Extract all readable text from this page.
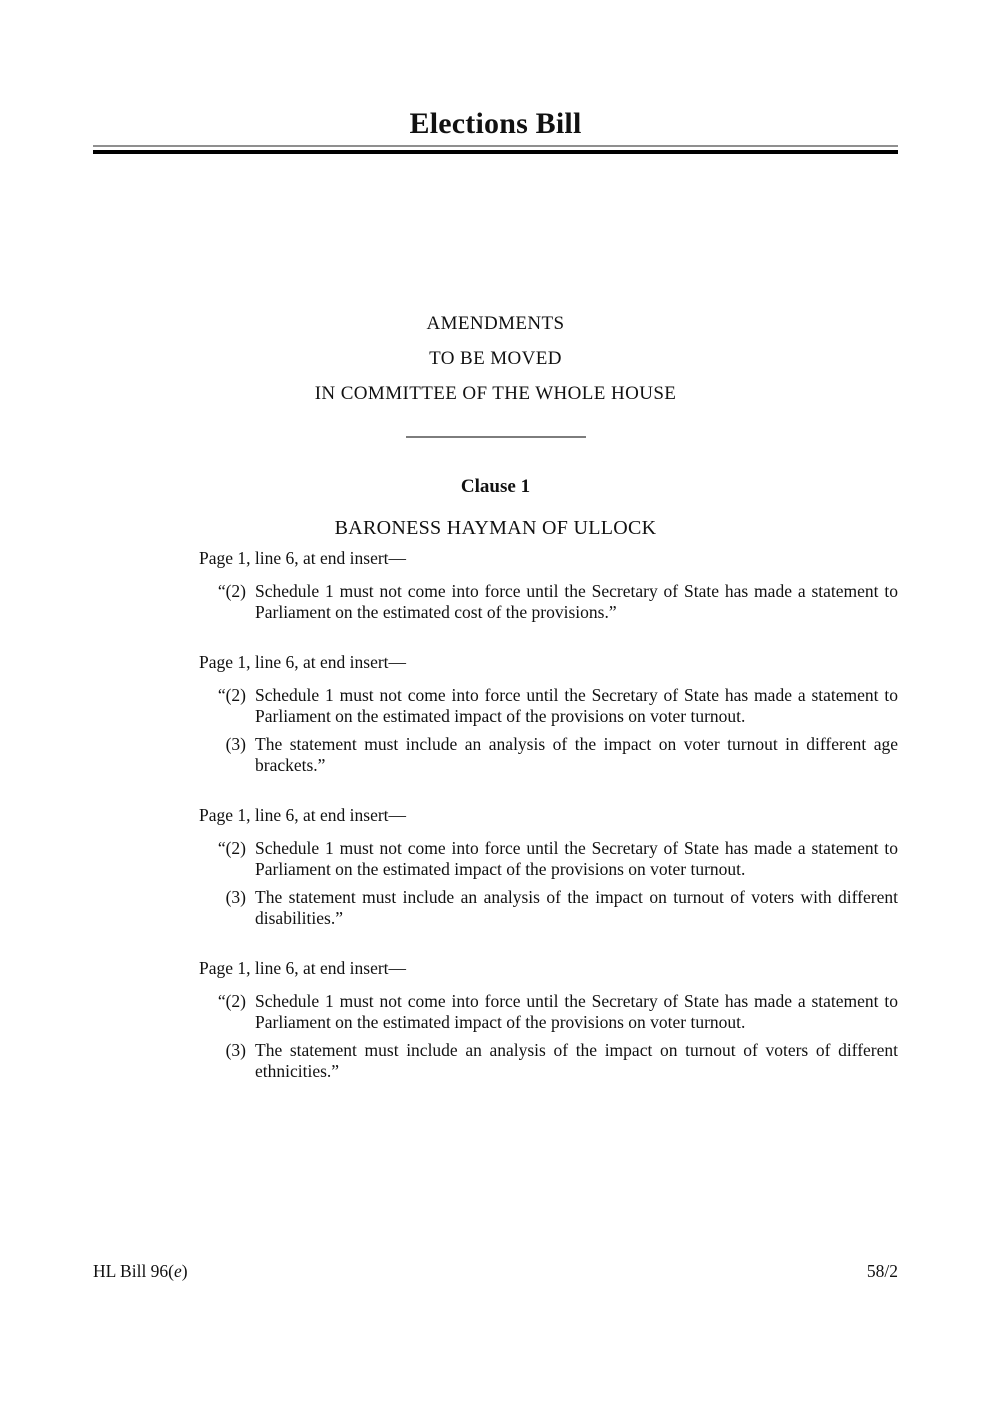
Elections Bill
AMENDMENTS
TO BE MOVED
IN COMMITTEE OF THE WHOLE HOUSE
Clause 1
BARONESS HAYMAN OF ULLOCK
Page 1, line 6, at end insert—
“(2) Schedule 1 must not come into force until the Secretary of State has made a statement to Parliament on the estimated cost of the provisions.”
Page 1, line 6, at end insert—
“(2) Schedule 1 must not come into force until the Secretary of State has made a statement to Parliament on the estimated impact of the provisions on voter turnout.
(3) The statement must include an analysis of the impact on voter turnout in different age brackets.”
Page 1, line 6, at end insert—
“(2) Schedule 1 must not come into force until the Secretary of State has made a statement to Parliament on the estimated impact of the provisions on voter turnout.
(3) The statement must include an analysis of the impact on turnout of voters with different disabilities.”
Page 1, line 6, at end insert—
“(2) Schedule 1 must not come into force until the Secretary of State has made a statement to Parliament on the estimated impact of the provisions on voter turnout.
(3) The statement must include an analysis of the impact on turnout of voters of different ethnicities.”
HL Bill 96(e)	58/2
